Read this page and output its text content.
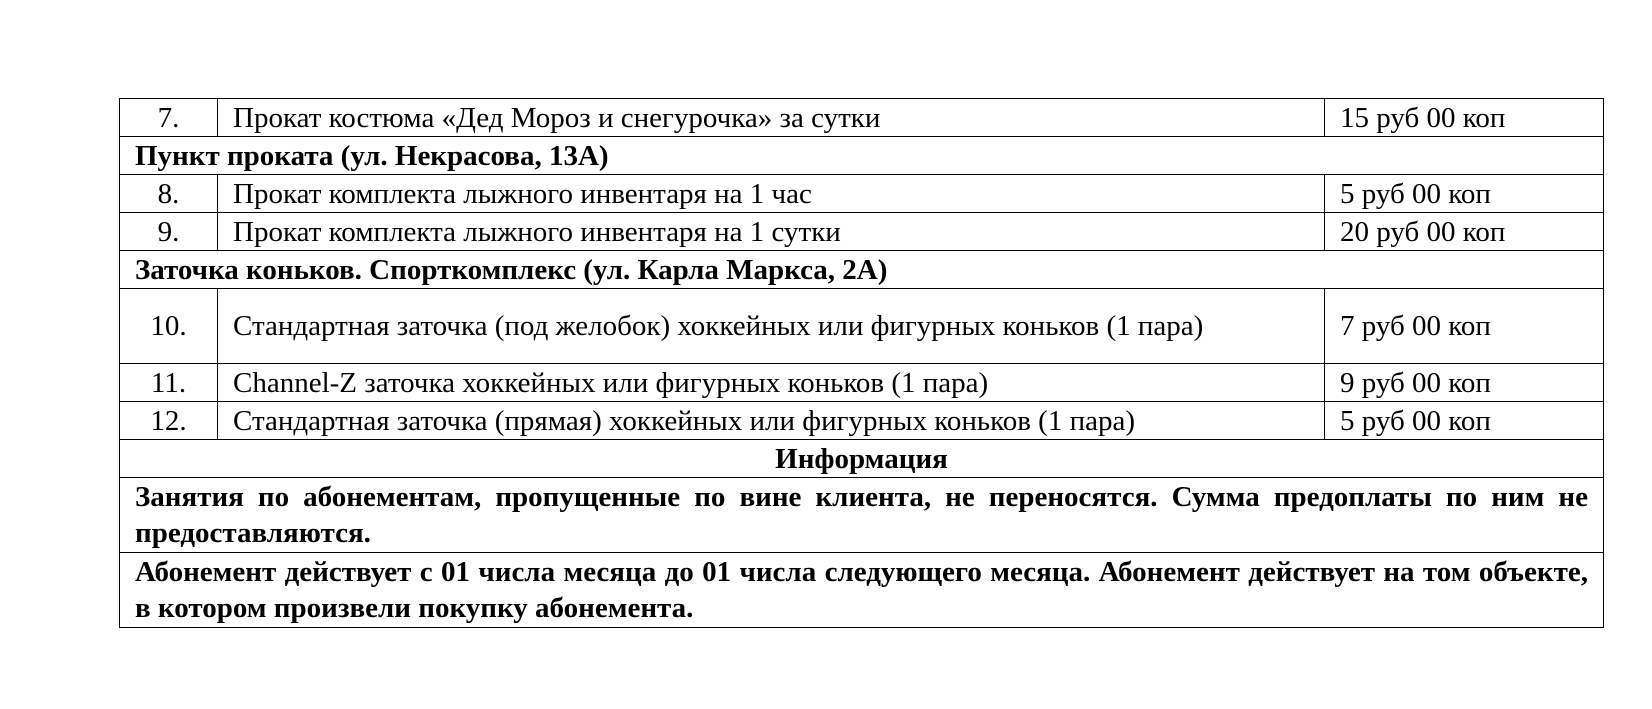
7.	Прокат костюма «Дед Мороз и снегурочка» за сутки	15 руб 00 коп
Пункт проката (ул. Некрасова, 13А)		
8.	Прокат комплекта лыжного инвентаря на 1 час	5 руб 00 коп
9.	Прокат комплекта лыжного инвентаря на 1 сутки	20 руб 00 коп
Заточка коньков. Спорткомплекс (ул. Карла Маркса, 2А)		
10.	Стандартная заточка (под желобок) хоккейных или фигурных коньков (1 пара)	7 руб 00 коп
11.	Channel-Z заточка хоккейных или фигурных коньков (1 пара)	9 руб 00 коп
12.	Стандартная заточка (прямая) хоккейных или фигурных коньков (1 пара)	5 руб 00 коп
Информация		
Занятия по абонементам, пропущенные по вине клиента, не переносятся. Сумма предоплаты по ним не предоставляются.		
Абонемент действует с 01 числа месяца до 01 числа следующего месяца. Абонемент действует на том объекте, в котором произвели покупку абонемента.		
